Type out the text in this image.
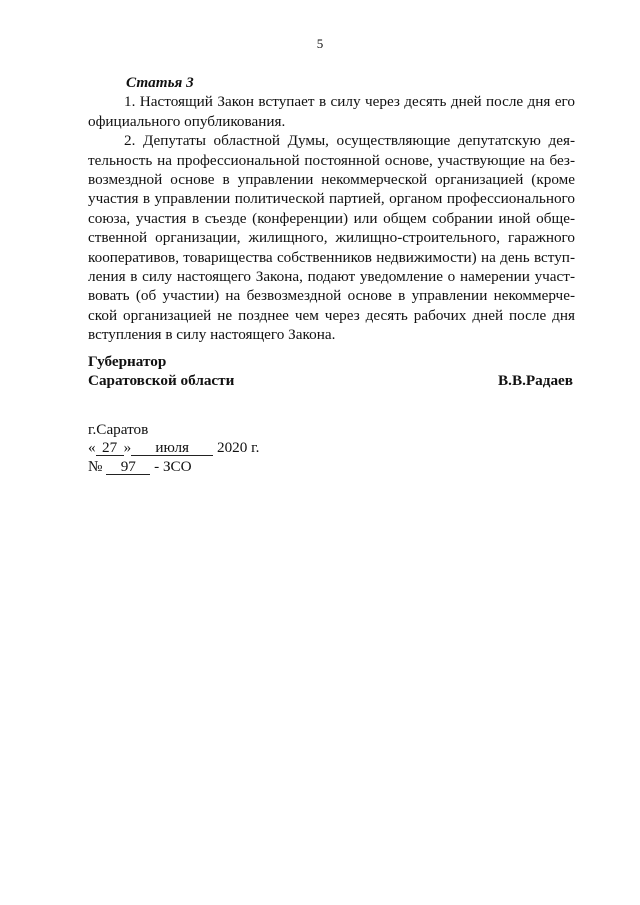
5

Статья 3

1. Настоящий Закон вступает в силу через десять дней после дня его официального опубликования.

2. Депутаты областной Думы, осуществляющие депутатскую деятельность на профессиональной постоянной основе, участвующие на безвозмездной основе в управлении некоммерческой организацией (кроме участия в управлении политической партией, органом профессионального союза, участия в съезде (конференции) или общем собрании иной общественной организации, жилищного, жилищно-строительного, гаражного кооперативов, товарищества собственников недвижимости) на день вступления в силу настоящего Закона, подают уведомление о намерении участвовать (об участии) на безвозмездной основе в управлении некоммерческой организацией не позднее чем через десять рабочих дней после дня вступления в силу настоящего Закона.

Губернатор
Саратовской области	В.В.Радаев
г.Саратов
« 27 » июля 2020 г.
№ 97 - ЗСО
